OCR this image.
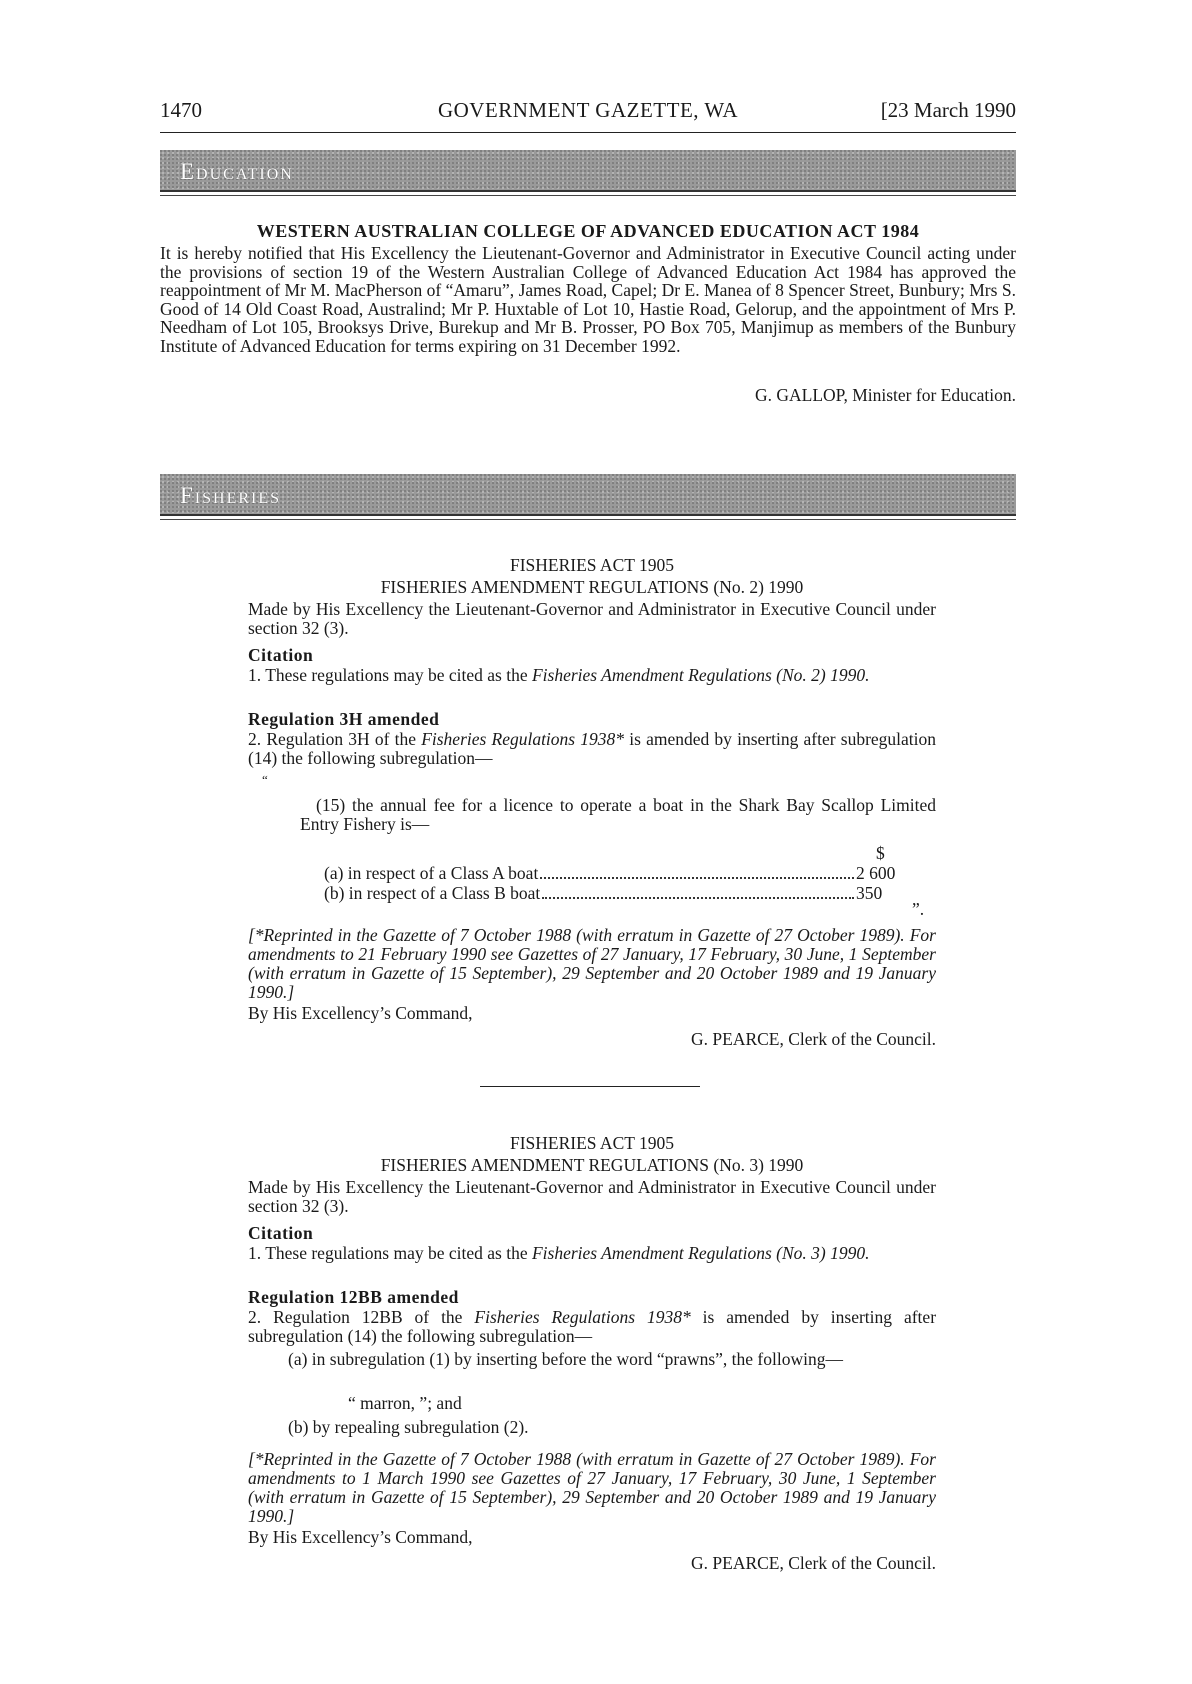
1470	GOVERNMENT GAZETTE, WA	[23 March 1990
Education
WESTERN AUSTRALIAN COLLEGE OF ADVANCED EDUCATION ACT 1984
It is hereby notified that His Excellency the Lieutenant-Governor and Administrator in Executive Council acting under the provisions of section 19 of the Western Australian College of Advanced Education Act 1984 has approved the reappointment of Mr M. MacPherson of “Amaru”, James Road, Capel; Dr E. Manea of 8 Spencer Street, Bunbury; Mrs S. Good of 14 Old Coast Road, Australind; Mr P. Huxtable of Lot 10, Hastie Road, Gelorup, and the appointment of Mrs P. Needham of Lot 105, Brooksys Drive, Burekup and Mr B. Prosser, PO Box 705, Manjimup as members of the Bunbury Institute of Advanced Education for terms expiring on 31 December 1992.
G. GALLOP, Minister for Education.
Fisheries
FISHERIES ACT 1905
FISHERIES AMENDMENT REGULATIONS (No. 2) 1990
Made by His Excellency the Lieutenant-Governor and Administrator in Executive Council under section 32 (3).
Citation
1. These regulations may be cited as the Fisheries Amendment Regulations (No. 2) 1990.
Regulation 3H amended
2. Regulation 3H of the Fisheries Regulations 1938* is amended by inserting after subregulation (14) the following subregulation—
“
(15) the annual fee for a licence to operate a boat in the Shark Bay Scallop Limited Entry Fishery is—
$
(a) in respect of a Class A boat	2 600
(b) in respect of a Class B boat	350
”.
[*Reprinted in the Gazette of 7 October 1988 (with erratum in Gazette of 27 October 1989). For amendments to 21 February 1990 see Gazettes of 27 January, 17 February, 30 June, 1 September (with erratum in Gazette of 15 September), 29 September and 20 October 1989 and 19 January 1990.]
By His Excellency’s Command,
G. PEARCE, Clerk of the Council.
FISHERIES ACT 1905
FISHERIES AMENDMENT REGULATIONS (No. 3) 1990
Made by His Excellency the Lieutenant-Governor and Administrator in Executive Council under section 32 (3).
Citation
1. These regulations may be cited as the Fisheries Amendment Regulations (No. 3) 1990.
Regulation 12BB amended
2. Regulation 12BB of the Fisheries Regulations 1938* is amended by inserting after subregulation (14) the following subregulation—
(a) in subregulation (1) by inserting before the word “prawns”, the following—
“ marron, ”; and
(b) by repealing subregulation (2).
[*Reprinted in the Gazette of 7 October 1988 (with erratum in Gazette of 27 October 1989). For amendments to 1 March 1990 see Gazettes of 27 January, 17 February, 30 June, 1 September (with erratum in Gazette of 15 September), 29 September and 20 October 1989 and 19 January 1990.]
By His Excellency’s Command,
G. PEARCE, Clerk of the Council.
